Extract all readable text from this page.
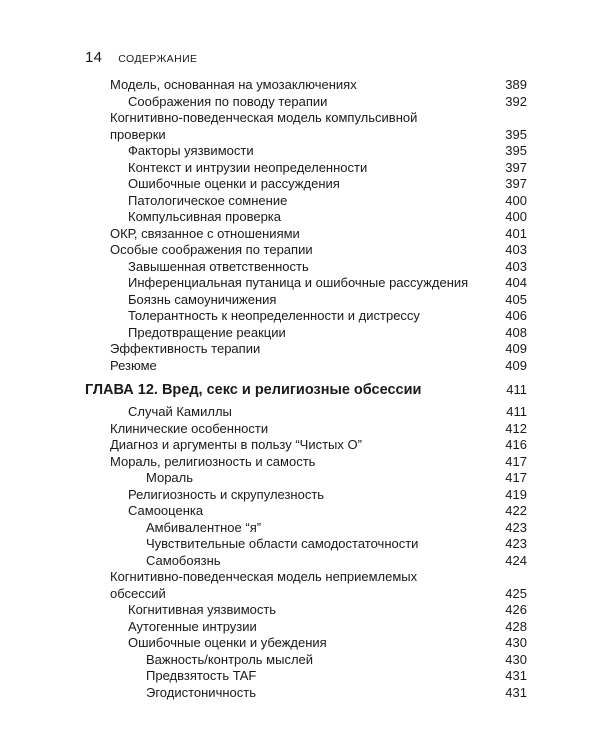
14 СОДЕРЖАНИЕ
Модель, основанная на умозаключениях	389
Соображения по поводу терапии	392
Когнитивно-поведенческая модель компульсивной проверки	395
Факторы уязвимости	395
Контекст и интрузии неопределенности	397
Ошибочные оценки и рассуждения	397
Патологическое сомнение	400
Компульсивная проверка	400
ОКР, связанное с отношениями	401
Особые соображения по терапии	403
Завышенная ответственность	403
Инференциальная путаница и ошибочные рассуждения	404
Боязнь самоуничижения	405
Толерантность к неопределенности и дистрессу	406
Предотвращение реакции	408
Эффективность терапии	409
Резюме	409
ГЛАВА 12. Вред, секс и религиозные обсессии	411
Случай Камиллы	411
Клинические особенности	412
Диагноз и аргументы в пользу “Чистых О”	416
Мораль, религиозность и самость	417
Мораль	417
Религиозность и скрупулезность	419
Самооценка	422
Амбивалентное “я”	423
Чувствительные области самодостаточности	423
Самобоязнь	424
Когнитивно-поведенческая модель неприемлемых обсессий	425
Когнитивная уязвимость	426
Аутогенные интрузии	428
Ошибочные оценки и убеждения	430
Важность/контроль мыслей	430
Предвзятость TAF	431
Эгодистоничность	431
